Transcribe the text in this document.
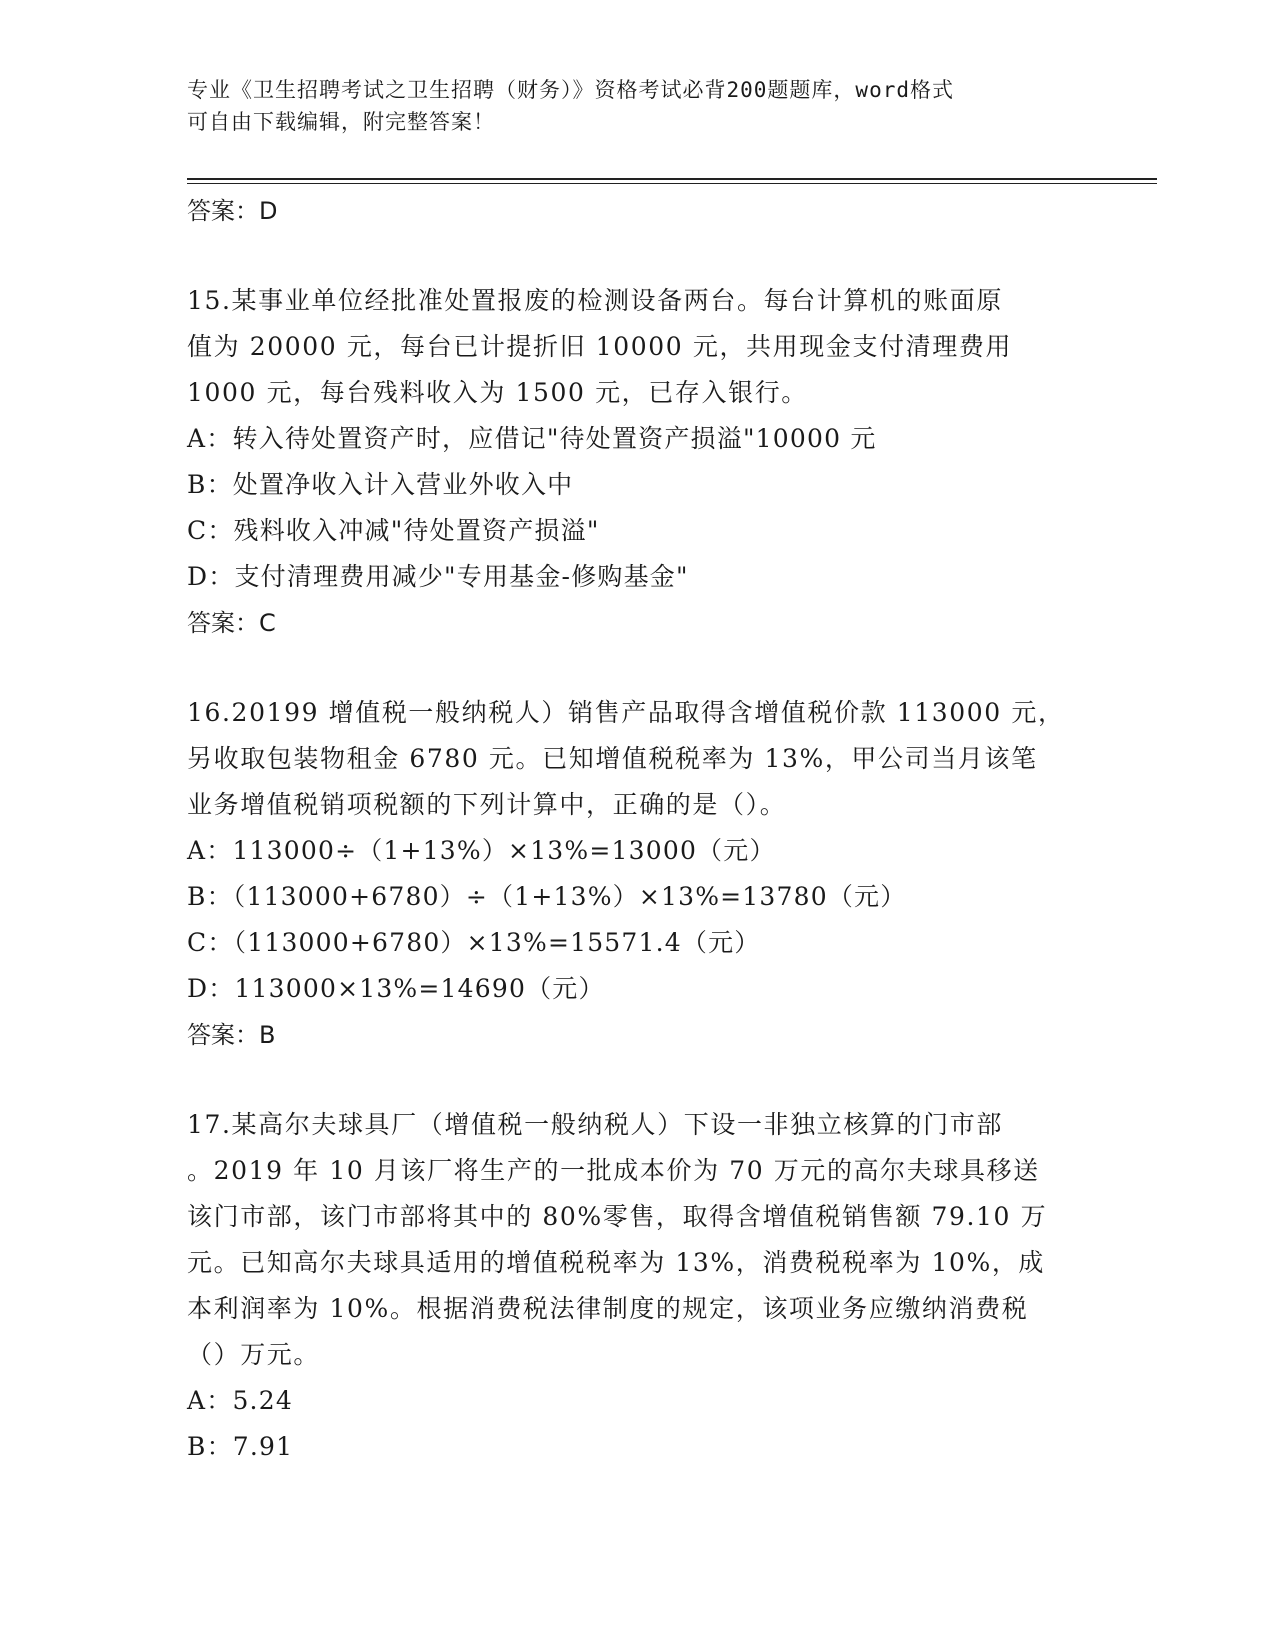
专业《卫生招聘考试之卫生招聘（财务）》资格考试必背200题题库，word格式
可自由下载编辑，附完整答案！
答案：D
15.某事业单位经批准处置报废的检测设备两台。每台计算机的账面原
值为 20000 元，每台已计提折旧 10000 元，共用现金支付清理费用
1000 元，每台残料收入为 1500 元，已存入银行。
A：转入待处置资产时，应借记"待处置资产损溢"10000 元
B：处置净收入计入营业外收入中
C：残料收入冲减"待处置资产损溢"
D：支付清理费用减少"专用基金-修购基金"
答案：C
16.20199 增值税一般纳税人）销售产品取得含增值税价款 113000 元，
另收取包装物租金 6780 元。已知增值税税率为 13%，甲公司当月该笔
业务增值税销项税额的下列计算中，正确的是（）。
A：113000÷（1+13%）×13%=13000（元）
B：（113000+6780）÷（1+13%）×13%=13780（元）
C：（113000+6780）×13%=15571.4（元）
D：113000×13%=14690（元）
答案：B
17.某高尔夫球具厂（增值税一般纳税人）下设一非独立核算的门市部
。2019 年 10 月该厂将生产的一批成本价为 70 万元的高尔夫球具移送
该门市部，该门市部将其中的 80%零售，取得含增值税销售额 79.10 万
元。已知高尔夫球具适用的增值税税率为 13%，消费税税率为 10%，成
本利润率为 10%。根据消费税法律制度的规定，该项业务应缴纳消费税
（）万元。
A：5.24
B：7.91
